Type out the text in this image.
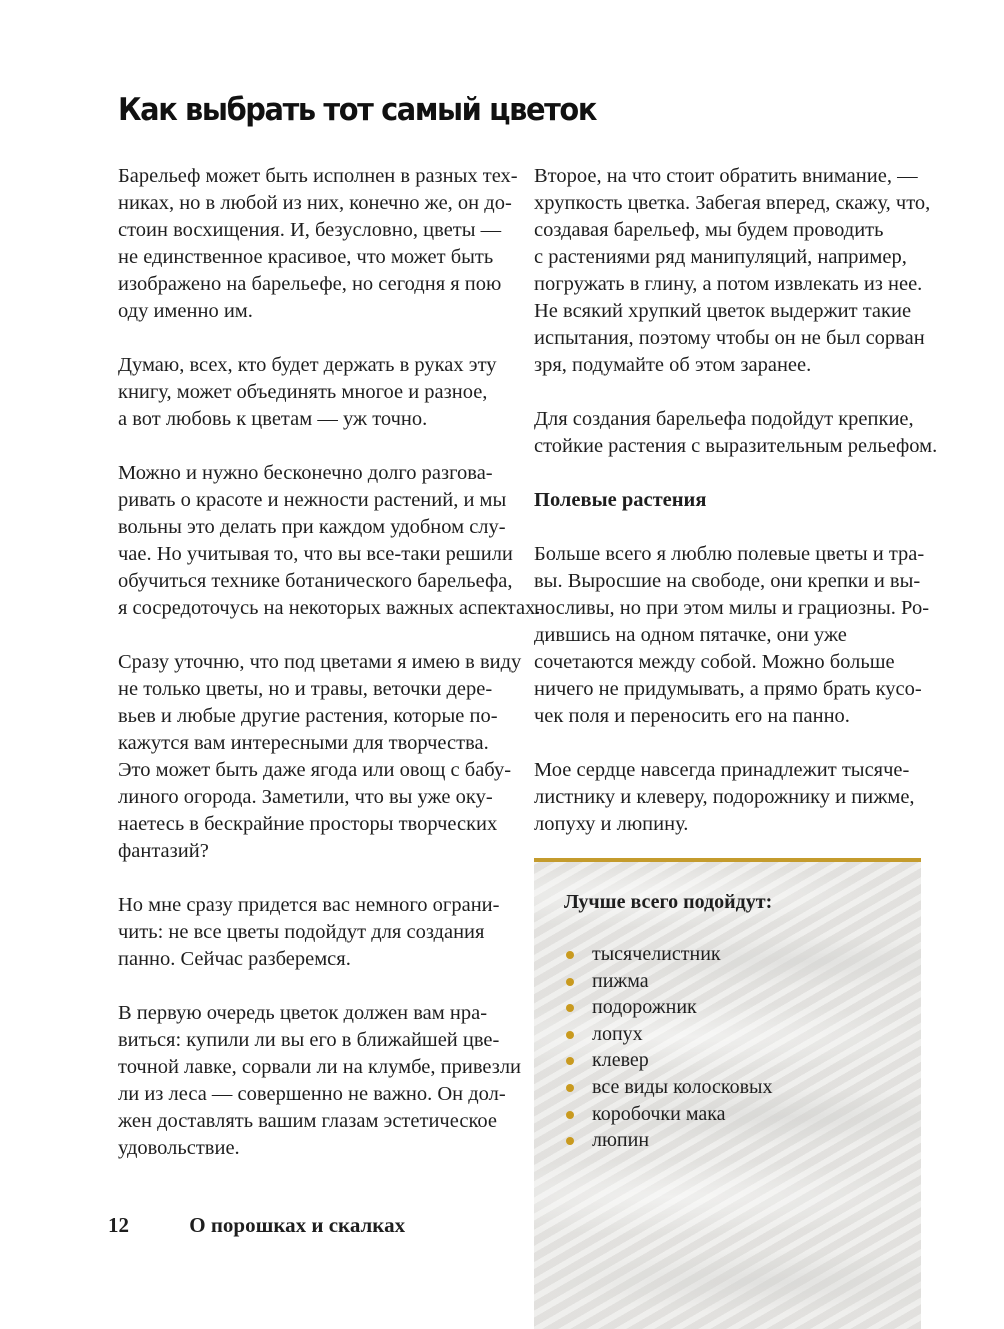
Как выбрать тот самый цветок

Барельеф может быть исполнен в разных тех-
никах, но в любой из них, конечно же, он до-
стоин восхищения. И, безусловно, цветы —
не единственное красивое, что может быть
изображено на барельефе, но сегодня я пою
оду именно им.

Думаю, всех, кто будет держать в руках эту
книгу, может объединять многое и разное,
а вот любовь к цветам — уж точно.

Можно и нужно бесконечно долго разгова-
ривать о красоте и нежности растений, и мы
вольны это делать при каждом удобном слу-
чае. Но учитывая то, что вы все-таки решили
обучиться технике ботанического барельефа,
я сосредоточусь на некоторых важных аспектах.

Сразу уточню, что под цветами я имею в виду
не только цветы, но и травы, веточки дере-
вьев и любые другие растения, которые по-
кажутся вам интересными для творчества.
Это может быть даже ягода или овощ с бабу-
линого огорода. Заметили, что вы уже оку-
наетесь в бескрайние просторы творческих
фантазий?

Но мне сразу придется вас немного ограни-
чить: не все цветы подойдут для создания
панно. Сейчас разберемся.

В первую очередь цветок должен вам нра-
виться: купили ли вы его в ближайшей цве-
точной лавке, сорвали ли на клумбе, привезли
ли из леса — совершенно не важно. Он дол-
жен доставлять вашим глазам эстетическое
удовольствие.

Второе, на что стоит обратить внимание, —
хрупкость цветка. Забегая вперед, скажу, что,
создавая барельеф, мы будем проводить
с растениями ряд манипуляций, например,
погружать в глину, а потом извлекать из нее.
Не всякий хрупкий цветок выдержит такие
испытания, поэтому чтобы он не был сорван
зря, подумайте об этом заранее.

Для создания барельефа подойдут крепкие,
стойкие растения с выразительным рельефом.

Полевые растения

Больше всего я люблю полевые цветы и тра-
вы. Выросшие на свободе, они крепки и вы-
носливы, но при этом милы и грациозны. Ро-
дившись на одном пятачке, они уже
сочетаются между собой. Можно больше
ничего не придумывать, а прямо брать кусо-
чек поля и переносить его на панно.

Мое сердце навсегда принадлежит тысяче-
листнику и клеверу, подорожнику и пижме,
лопуху и люпину.

Лучше всего подойдут:
тысячелистник
пижма
подорожник
лопух
клевер
все виды колосковых
коробочки мака
люпин
12	О порошках и скалках
